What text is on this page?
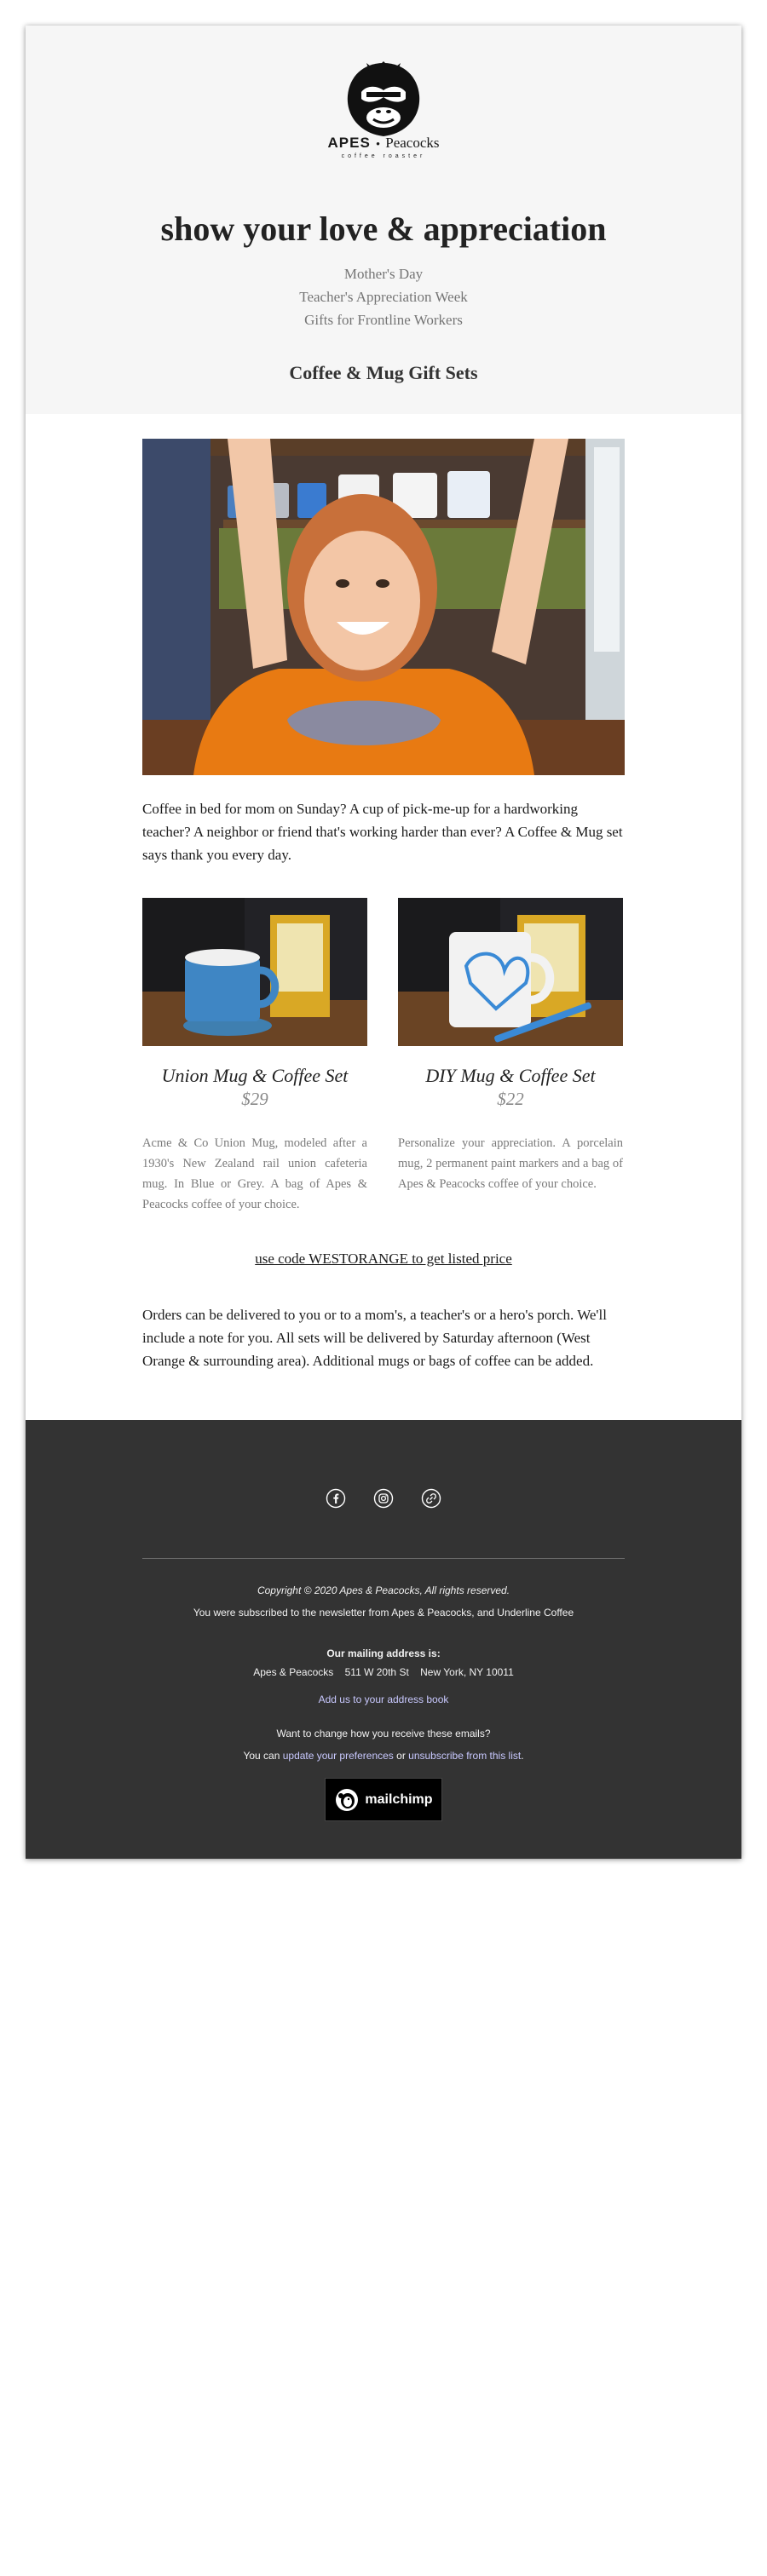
APES • Peacocks
coffee roaster
show your love & appreciation
Mother's Day
Teacher's Appreciation Week
Gifts for Frontline Workers
Coffee & Mug Gift Sets
Coffee in bed for mom on Sunday? A cup of pick-me-up for a hardworking teacher? A neighbor or friend that's working harder than ever? A Coffee & Mug set says thank you every day.
Union Mug & Coffee Set
$29
Acme & Co Union Mug, modeled after a 1930's New Zealand rail union cafeteria mug. In Blue or Grey. A bag of Apes & Peacocks coffee of your choice.
DIY Mug & Coffee Set
$22
Personalize your appreciation. A porcelain mug, 2 permanent paint markers and a bag of Apes & Peacocks coffee of your choice.
use code WESTORANGE to get listed price
Orders can be delivered to you or to a mom's, a teacher's or a hero's porch. We'll include a note for you. All sets will be delivered by Saturday afternoon (West Orange & surrounding area). Additional mugs or bags of coffee can be added.
Copyright © 2020 Apes & Peacocks, All rights reserved.
You were subscribed to the newsletter from Apes & Peacocks, and Underline Coffee
Our mailing address is:
Apes & Peacocks 511 W 20th St New York, NY 10011
Add us to your address book
Want to change how you receive these emails?
You can update your preferences or unsubscribe from this list.
mailchimp
